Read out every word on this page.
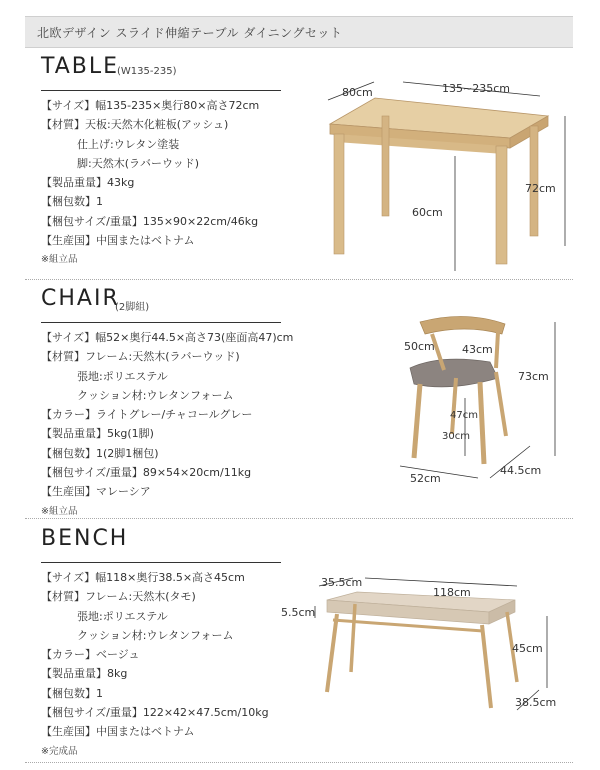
北欧デザイン スライド伸縮テーブル ダイニングセット
TABLE
(W135-235)
【サイズ】幅135-235×奥行80×高さ72cm
【材質】天板:天然木化粧板(アッシュ)
仕上げ:ウレタン塗装
脚:天然木(ラバーウッド)
【製品重量】43kg
【梱包数】1
【梱包サイズ/重量】135×90×22cm/46kg
【生産国】中国またはベトナム
※組立品
80cm	135~235cm
72cm
60cm
CHAIR
(2脚組)
【サイズ】幅52×奥行44.5×高さ73(座面高47)cm
【材質】フレーム:天然木(ラバーウッド)
張地:ポリエステル
クッション材:ウレタンフォーム
【カラー】ライトグレー/チャコールグレー
【製品重量】5kg(1脚)
【梱包数】1(2脚1梱包)
【梱包サイズ/重量】89×54×20cm/11kg
【生産国】マレーシア
※組立品
50cm 43cm
73cm
47cm
30cm
52cm
44.5cm
BENCH
【サイズ】幅118×奥行38.5×高さ45cm
【材質】フレーム:天然木(タモ)
張地:ポリエステル
クッション材:ウレタンフォーム
【カラー】ベージュ
【製品重量】8kg
【梱包数】1
【梱包サイズ/重量】122×42×47.5cm/10kg
【生産国】中国またはベトナム
※完成品
35.5cm
118cm
5.5cm
45cm
38.5cm
